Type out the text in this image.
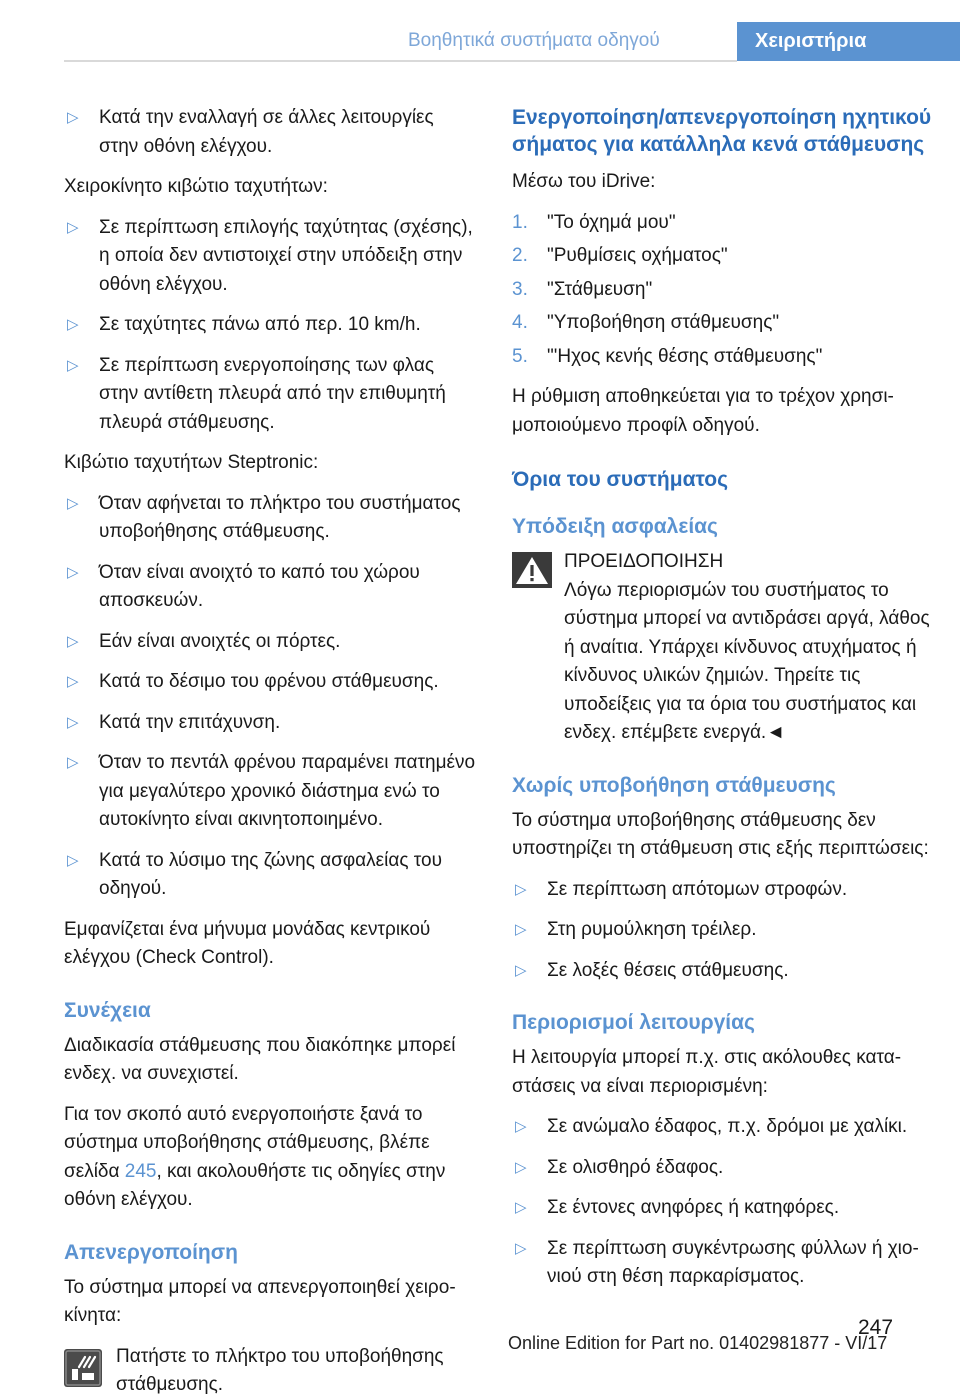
Βοηθητικά συστήματα οδηγού	Χειριστήρια
▷ Κατά την εναλλαγή σε άλλες λειτουργίες στην οθόνη ελέγχου.

Χειροκίνητο κιβώτιο ταχυτήτων:

▷ Σε περίπτωση επιλογής ταχύτητας (σχέσης), η οποία δεν αντιστοιχεί στην υπόδειξη στην οθόνη ελέγχου.
▷ Σε ταχύτητες πάνω από περ. 10 km/h.
▷ Σε περίπτωση ενεργοποίησης των φλας στην αντίθετη πλευρά από την επιθυμητή πλευρά στάθμευσης.

Κιβώτιο ταχυτήτων Steptronic:

▷ Όταν αφήνεται το πλήκτρο του συστήματος υποβοήθησης στάθμευσης.
▷ Όταν είναι ανοιχτό το καπό του χώρου αποσκευών.
▷ Εάν είναι ανοιχτές οι πόρτες.
▷ Κατά το δέσιμο του φρένου στάθμευσης.
▷ Κατά την επιτάχυνση.
▷ Όταν το πεντάλ φρένου παραμένει πατημένο για μεγαλύτερο χρονικό διάστημα ενώ το αυτοκίνητο είναι ακινητοποιημένο.
▷ Κατά το λύσιμο της ζώνης ασφαλείας του οδηγού.

Εμφανίζεται ένα μήνυμα μονάδας κεντρικού ελέγχου (Check Control).

Συνέχεια

Διαδικασία στάθμευσης που διακόπηκε μπορεί ενδεχ. να συνεχιστεί.

Για τον σκοπό αυτό ενεργοποιήστε ξανά το σύστημα υποβοήθησης στάθμευσης, βλέπε σελίδα 245, και ακολουθήστε τις οδηγίες στην οθόνη ελέγχου.

Απενεργοποίηση

Το σύστημα μπορεί να απενεργοποιηθεί χειροκίνητα:

Πατήστε το πλήκτρο του υποβοήθησης στάθμευσης.
Ενεργοποίηση/απενεργοποίηση ηχητικού σήματος για κατάλληλα κενά στάθμευσης

Μέσω του iDrive:

1. "Το όχημά μου"
2. "Ρυθμίσεις οχήματος"
3. "Στάθμευση"
4. "Υποβοήθηση στάθμευσης"
5. "'Ηχος κενής θέσης στάθμευσης"

Η ρύθμιση αποθηκεύεται για το τρέχον χρησιμοποιούμενο προφίλ οδηγού.

Όρια του συστήματος
Υπόδειξη ασφαλείας
ΠΡΟΕΙΔΟΠΟΙΗΣΗ
Λόγω περιορισμών του συστήματος το σύστημα μπορεί να αντιδράσει αργά, λάθος ή αναίτια. Υπάρχει κίνδυνος ατυχήματος ή κίνδυνος υλικών ζημιών. Τηρείτε τις υποδείξεις για τα όρια του συστήματος και ενδεχ. επέμβετε ενεργά.◄
Χωρίς υποβοήθηση στάθμευσης

Το σύστημα υποβοήθησης στάθμευσης δεν υποστηρίζει τη στάθμευση στις εξής περιπτώσεις:

▷ Σε περίπτωση απότομων στροφών.
▷ Στη ρυμούλκηση τρέιλερ.
▷ Σε λοξές θέσεις στάθμευσης.
Περιορισμοί λειτουργίας

Η λειτουργία μπορεί π.χ. στις ακόλουθες καταστάσεις να είναι περιορισμένη:

▷ Σε ανώμαλο έδαφος, π.χ. δρόμοι με χαλίκι.
▷ Σε ολισθηρό έδαφος.
▷ Σε έντονες ανηφόρες ή κατηφόρες.
▷ Σε περίπτωση συγκέντρωσης φύλλων ή χιονιού στη θέση παρκαρίσματος.
247
Online Edition for Part no. 01402981877 - VI/17
